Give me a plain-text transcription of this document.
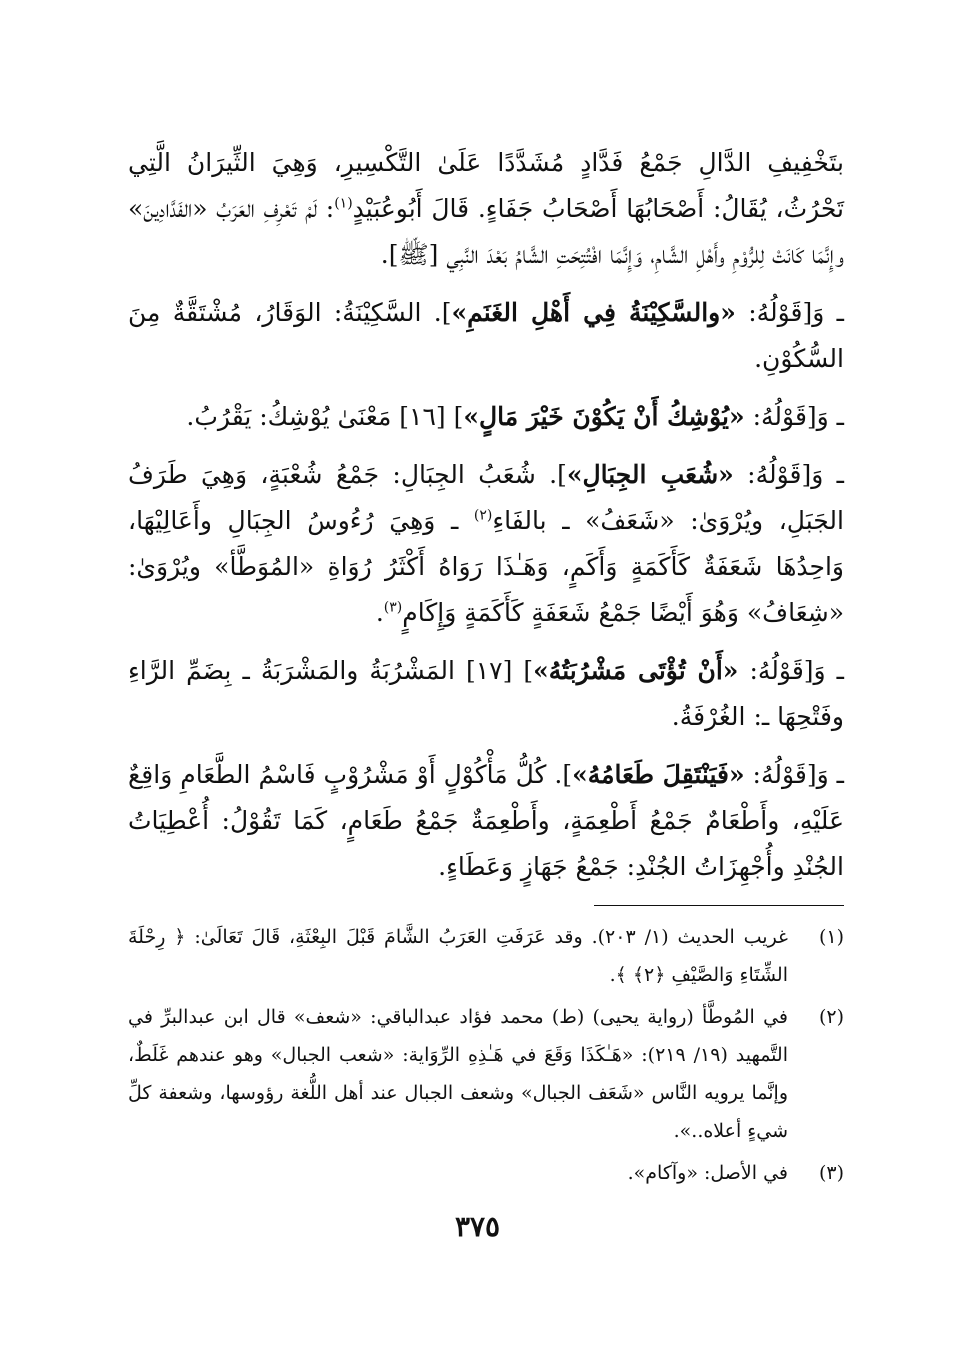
بتَخْفِيفِ الدَّالِ جَمْعُ فَدَّادٍ مُشَدَّدًا عَلَىٰ التَّكْسِيرِ، وَهِيَ الثِّيرَانُ الَّتِي تَحْرُثُ، يُقَالُ: أَصْحَابُهَا أَصْحَابُ جَفَاءٍ. قَالَ أَبُوعُبَيْدٍ$^{(١)}$: لَمْ تَعْرِفِ العَرَبُ «الفَدَّادِينَ» وإِنَّمَا كَانَتْ لِلرُّوْمِ وأَهْلِ الشَّامِ، وَإِنَّمَا افْتُتِحَتِ الشَّامُ بَعْدَ النَّبِي [ﷺ].

ـ وَ[قَوْلُهُ: «والسَّكِيْنَةُ فِي أَهْلِ الغَنَمِ»]. السَّكِيْنَةُ: الوَقَارُ، مُشْتَقَّةٌ مِنَ السُّكُوْنِ.

ـ وَ[قَوْلُهُ: «يُوْشِكُ أَنْ يَكُوْنَ خَيْرَ مَالٍ»] [١٦] مَعْنَىٰ يُوْشِكُ: يَقْرُبُ.

ـ وَ[قَوْلُهُ: «شُعَبِ الجِبَالِ»]. شُعَبُ الجِبَالِ: جَمْعُ شُعْبَةٍ، وَهِيَ طَرَفُ الجَبَلِ، ويُرْوَىٰ: «شَعَفُ» ـ بالفَاءِ$^{(٢)}$ ـ وَهِيَ رُءُوسُ الجِبَالِ وأَعَالِيْهَا، وَاحِدُهَا شَعَفَةٌ كَأَكَمَةٍ وَأَكَمٍ، وَهَـٰذَا رَوَاهُ أَكْثَرُ رُوَاةِ «المُوَطَّأ» ويُرْوَىٰ: «شِعَافُ» وَهُوَ أَيْضًا جَمْعُ شَعَفَةٍ كَأَكَمَةٍ وَإِكَامٍ$^{(٣)}$.

ـ وَ[قَوْلُهُ: «أَنْ تُؤْتَى مَشْرُبَتُهُ»] [١٧] المَشْرُبَةُ والمَشْرَبَةُ ـ بِضَمِّ الرَّاءِ وفَتْحِهَا ـ: الغُرْفَةُ.

ـ وَ[قَوْلُهُ: «فَيَنْتَقِلَ طَعَامُهُ»]. كُلُّ مَأْكُوْلٍ أَوْ مَشْرُوْبٍ فَاسْمُ الطَّعَامِ وَاقِعٌ عَلَيْهِ، وأَطْعَامٌ جَمْعُ أَطْعِمَةٍ، وأَطْعِمَةٌ جَمْعُ طَعَامٍ، كَمَا تَقُوْلُ: أُعْطِيَاتُ الجُنْدِ وأُجْهِزَاتُ الجُنْدِ: جَمْعُ جَهَازٍ وَعَطَاءٍ.

(١)
غريب الحديث (١/ ٢٠٣). وقد عَرَفَتِ العَرَبُ الشَّامَ قَبْلَ البِعْثَةِ، قَالَ تَعَالَىٰ: ﴿ رِحْلَةَ الشِّتَاءِ وَالصَّيْفِ ﴿٢﴾ ﴾.
(٢)
في المُوطَّأ (رواية يحيى) (ط) محمد فؤاد عبدالباقي: «شعف» قال ابن عبدالبرِّ في التَّمهيد (١٩/ ٢١٩): «هَـٰكَذَا وَقَعَ في هَـٰذِهِ الرِّوَاية: «شعب الجبال» وهو عندهم غَلَطٌ، وإنَّما يرويه النَّاس «شَعَف الجبال» وشعف الجبال عند أهل اللُّغة رؤوسها، وشعفة كلِّ شيءٍ أعلاه..».
(٣)
في الأصل: «وآكام».
٣٧٥
